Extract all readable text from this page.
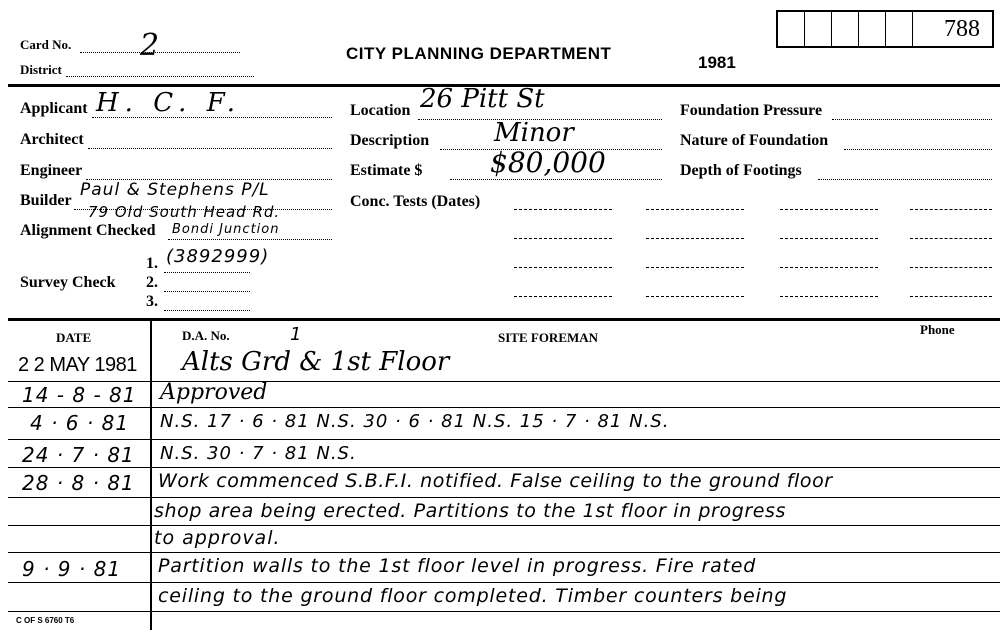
788
Card No. 2
District
CITY PLANNING DEPARTMENT	1981
Applicant H. C. F.
Architect
Engineer
Builder
Paul & Stephens P/L
79 Old South Head Rd.
Alignment Checked Bondi Junction
1. (3892999)
Survey Check 2.
3.
Location 26 Pitt St
Description Minor
Estimate $ $80,000
Conc. Tests (Dates)
Foundation Pressure
Nature of Foundation
Depth of Footings
DATE	D.A. No.	1	SITE FOREMAN
Phone
2 2 MAY 1981 Alts Grd & 1st Floor
14 - 8 - 81 Approved
4 · 6 · 81 N.S. 17 · 6 · 81 N.S. 30 · 6 · 81 N.S. 15 · 7 · 81 N.S.
24 · 7 · 81 N.S. 30 · 7 · 81 N.S.
28 · 8 · 81 Work commenced S.B.F.I. notified. False ceiling to the ground floor
shop area being erected. Partitions to the 1st floor in progress
to approval.
9 · 9 · 81 Partition walls to the 1st floor level in progress. Fire rated
ceiling to the ground floor completed. Timber counters being
C OF S 6760 T6
